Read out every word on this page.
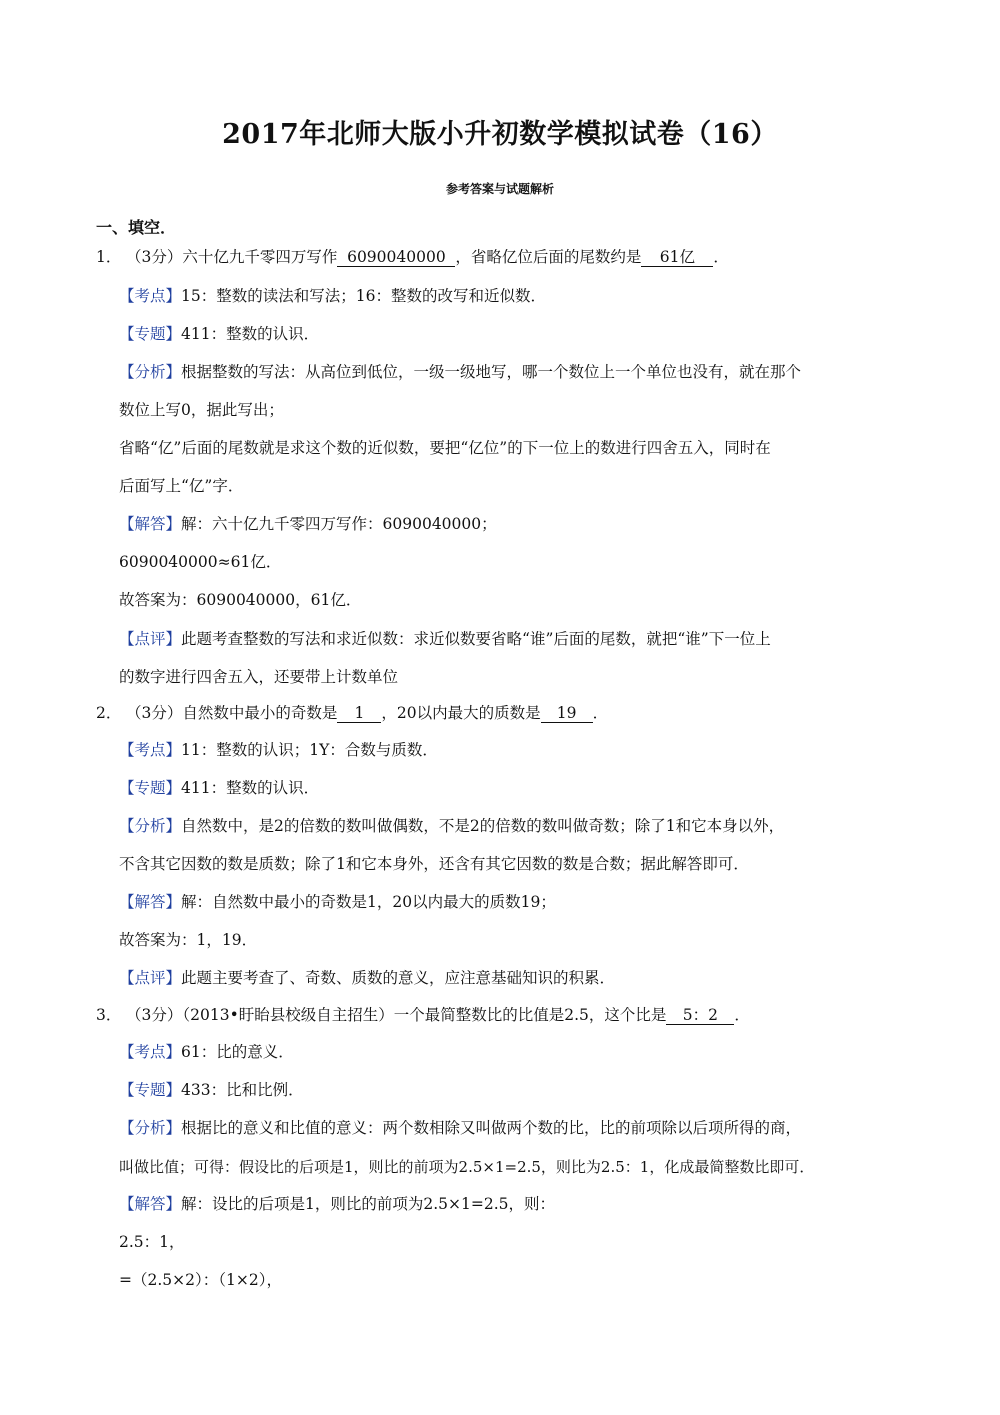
2017年北师大版小升初数学模拟试卷（16）
参考答案与试题解析
一、填空．
1． （3分）六十亿九千零四万写作 6090040000 ，省略亿位后面的尾数约是 61亿 ．
【考点】15：整数的读法和写法；16：整数的改写和近似数．
【专题】411：整数的认识．
【分析】根据整数的写法：从高位到低位，一级一级地写，哪一个数位上一个单位也没有，就在那个
数位上写0，据此写出；
省略“亿”后面的尾数就是求这个数的近似数，要把“亿位”的下一位上的数进行四舍五入，同时在
后面写上“亿”字．
【解答】解：六十亿九千零四万写作：6090040000；
6090040000≈61亿．
故答案为：6090040000，61亿．
【点评】此题考查整数的写法和求近似数：求近似数要省略“谁”后面的尾数，就把“谁”下一位上
的数字进行四舍五入，还要带上计数单位
2． （3分）自然数中最小的奇数是 1 ，20以内最大的质数是 19 ．
【考点】11：整数的认识；1Y：合数与质数．
【专题】411：整数的认识．
【分析】自然数中，是2的倍数的数叫做偶数，不是2的倍数的数叫做奇数；除了1和它本身以外，
不含其它因数的数是质数；除了1和它本身外，还含有其它因数的数是合数；据此解答即可．
【解答】解：自然数中最小的奇数是1，20以内最大的质数19；
故答案为：1，19．
【点评】此题主要考查了、奇数、质数的意义，应注意基础知识的积累．
3． （3分）（2013•盱眙县校级自主招生）一个最简整数比的比值是2.5，这个比是 5：2 ．
【考点】61：比的意义．
【专题】433：比和比例．
【分析】根据比的意义和比值的意义：两个数相除又叫做两个数的比，比的前项除以后项所得的商，
叫做比值；可得：假设比的后项是1，则比的前项为2.5×1=2.5，则比为2.5：1，化成最简整数比即可．
【解答】解：设比的后项是1，则比的前项为2.5×1=2.5，则：
2.5：1，
=（2.5×2）：（1×2），
